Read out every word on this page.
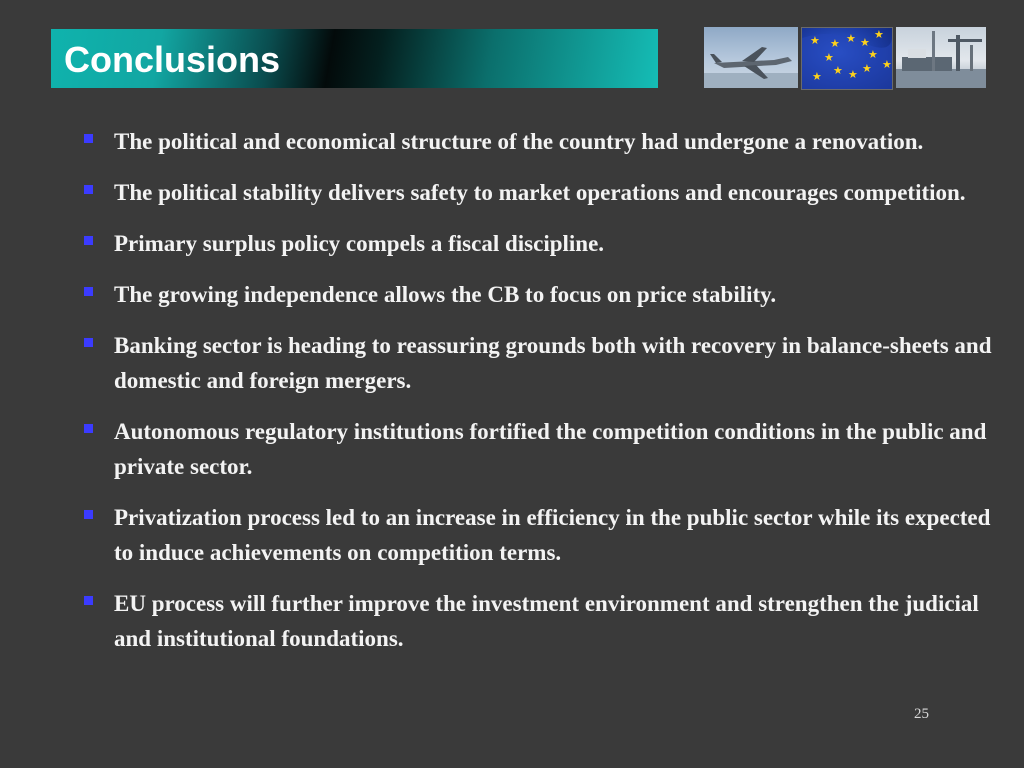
Conclusions
★ ★
★
★
★
★
★
★
★
★
★
★
The political and economical structure of the country had undergone a renovation.
The political stability delivers safety to market operations and encourages competition.
Primary surplus policy compels a fiscal discipline.
The growing independence allows the CB to focus on price stability.
Banking sector is heading to reassuring grounds both with recovery in balance-sheets and domestic and foreign mergers.
Autonomous regulatory institutions fortified the competition conditions in the public and private sector.
Privatization process led to an increase in efficiency in the public sector while its expected to induce achievements on competition terms.
EU process will further improve the investment environment and strengthen the judicial and institutional foundations.
25
